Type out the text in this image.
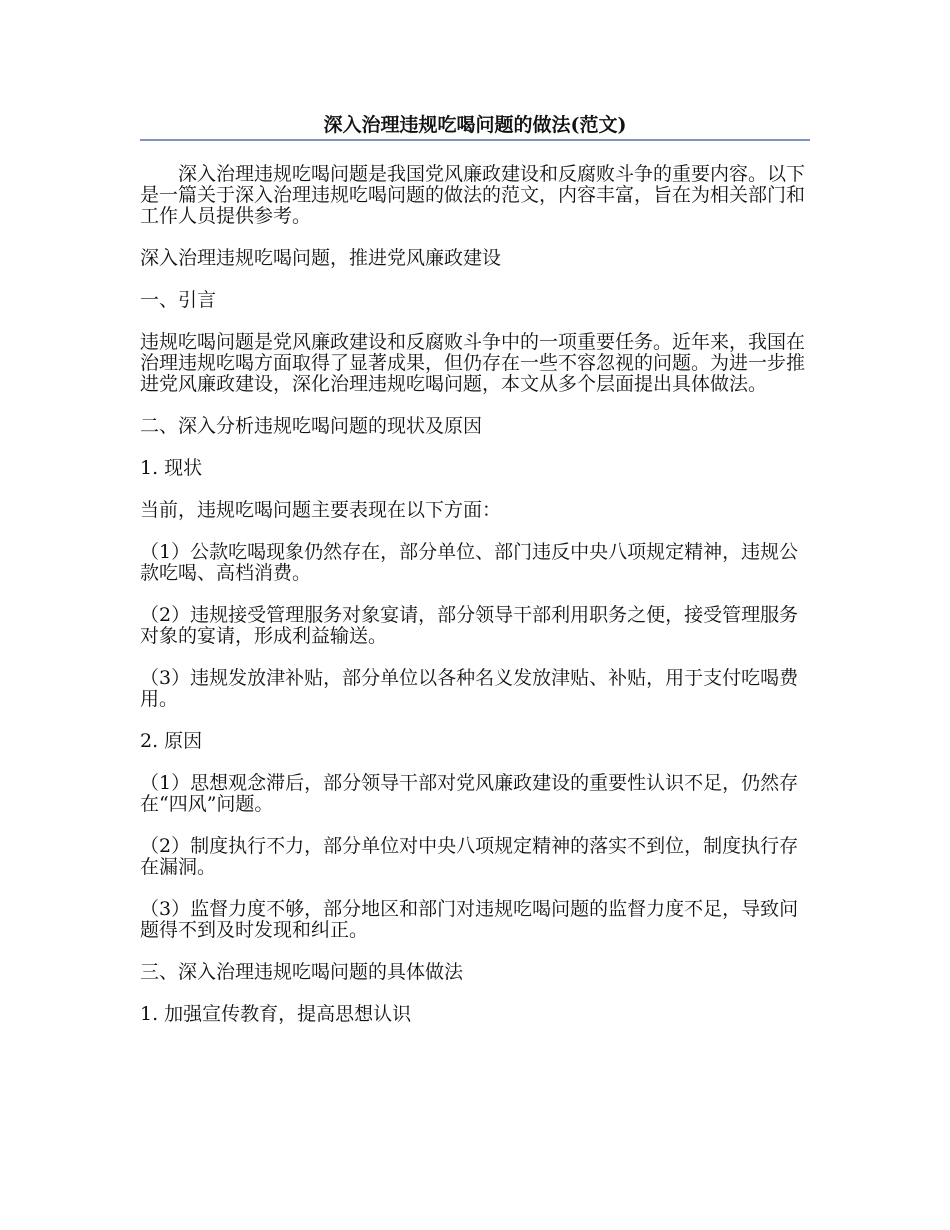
深入治理违规吃喝问题的做法(范文)

深入治理违规吃喝问题是我国党风廉政建设和反腐败斗争的重要内容。以下是一篇关于深入治理违规吃喝问题的做法的范文，内容丰富，旨在为相关部门和工作人员提供参考。

深入治理违规吃喝问题，推进党风廉政建设

一、引言

违规吃喝问题是党风廉政建设和反腐败斗争中的一项重要任务。近年来，我国在治理违规吃喝方面取得了显著成果，但仍存在一些不容忽视的问题。为进一步推进党风廉政建设，深化治理违规吃喝问题，本文从多个层面提出具体做法。

二、深入分析违规吃喝问题的现状及原因

1. 现状

当前，违规吃喝问题主要表现在以下方面：

（1）公款吃喝现象仍然存在，部分单位、部门违反中央八项规定精神，违规公款吃喝、高档消费。

（2）违规接受管理服务对象宴请，部分领导干部利用职务之便，接受管理服务对象的宴请，形成利益输送。

（3）违规发放津补贴，部分单位以各种名义发放津贴、补贴，用于支付吃喝费用。

2. 原因

（1）思想观念滞后，部分领导干部对党风廉政建设的重要性认识不足，仍然存在“四风”问题。

（2）制度执行不力，部分单位对中央八项规定精神的落实不到位，制度执行存在漏洞。

（3）监督力度不够，部分地区和部门对违规吃喝问题的监督力度不足，导致问题得不到及时发现和纠正。

三、深入治理违规吃喝问题的具体做法

1. 加强宣传教育，提高思想认识
